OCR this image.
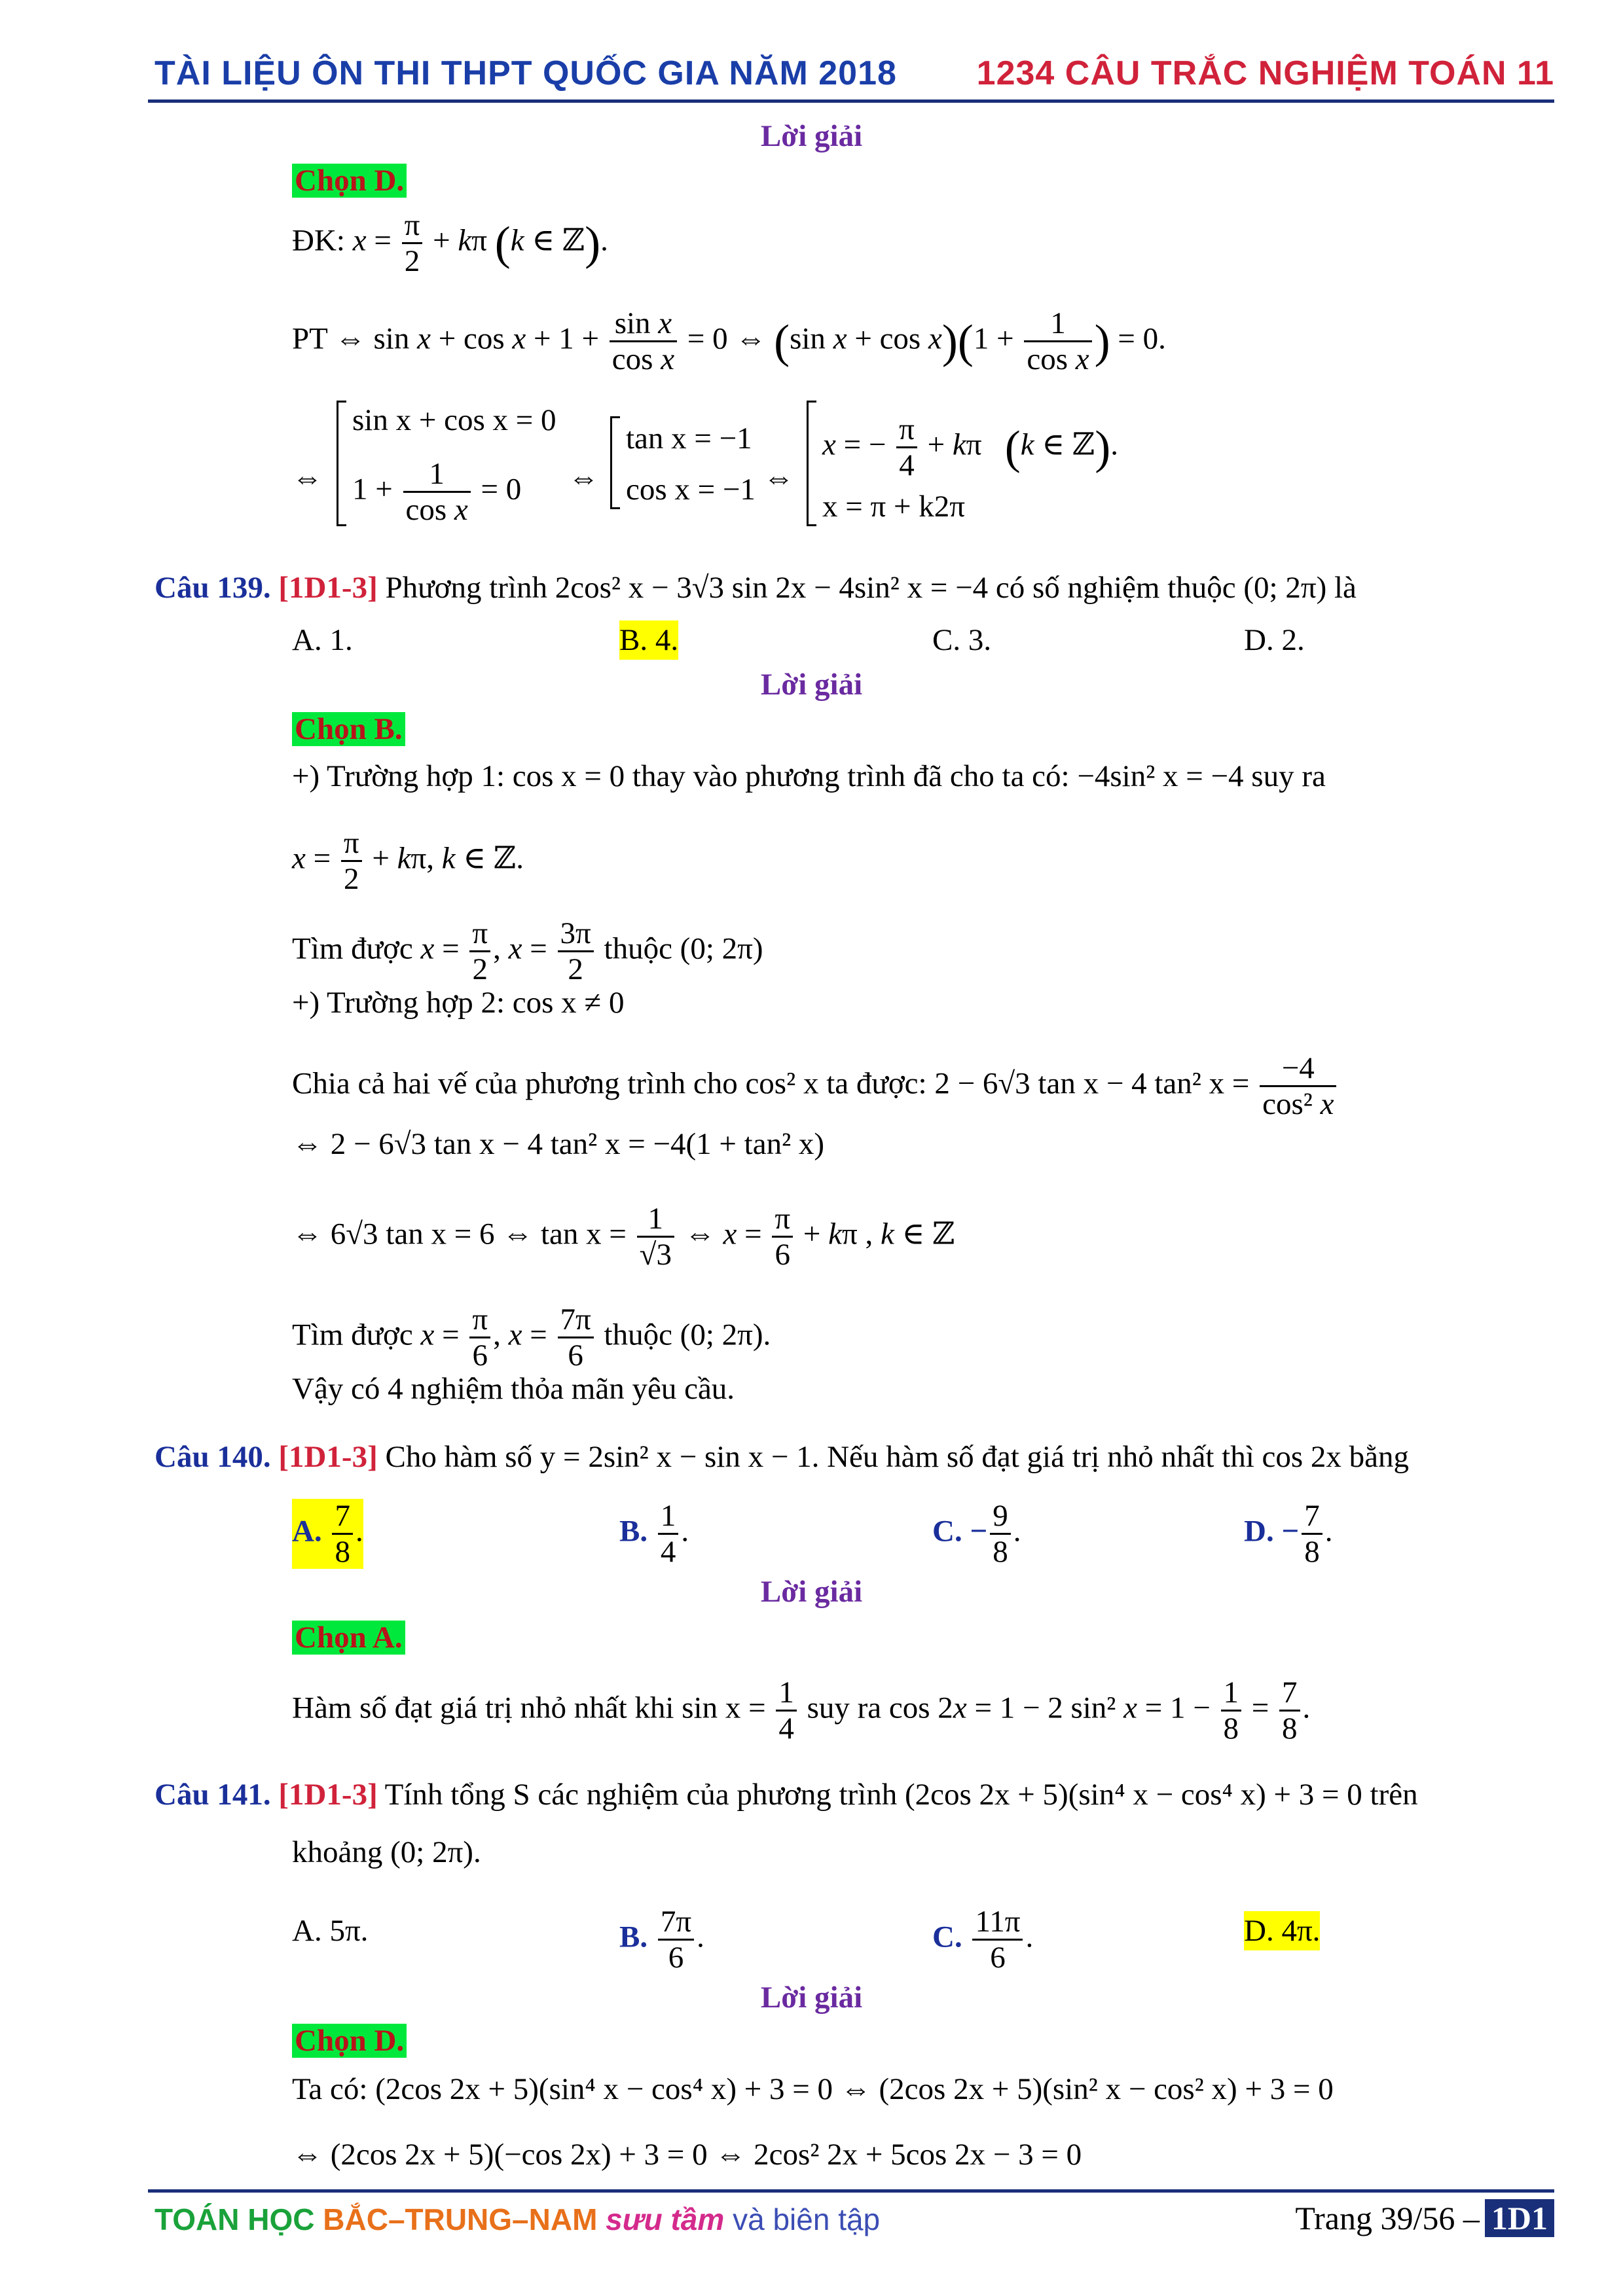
TÀI LIỆU ÔN THI THPT QUỐC GIA NĂM 2018 1234 CÂU TRẮC NGHIỆM TOÁN 11
Lời giải
Chọn D.
ĐK: $x = \frac{\pi}{2} + k\pi$ (k ∈ ℤ).
PT ⇔ $\sin x + \cos x + 1 + \frac{\text{sin x}}{\text{cos x}} = 0$ ⇔ (sin $x + \cos x)(1 + \frac{1}{\text{cos x}}$ ) = 0.
⇔
sin x + cos x = 0
$1 + \frac{1}{\text{cos x}} = 0$ ⇔
tan x = −1
cos x = −1 ⇔
x = − $\frac{\pi}{4} + k\pi$   (k ∈ ℤ).
x = π + k2π
Câu 139. [1D1-3] Phương trình 2cos² x − 3√3 sin 2x − 4sin² x = −4 có số nghiệm thuộc (0; 2π) là
A. 1.	B. 4.	C. 3.	D. 2.
Lời giải
Chọn B.
+) Trường hợp 1: cos x = 0 thay vào phương trình đã cho ta có: −4sin² x = −4 suy ra
$x = \frac{\pi}{2} + k\pi$, k ∈ ℤ.
Tìm được $x = \frac{\pi}{2}$ , $x = \frac{3\pi}{2}$ thuộc (0; 2π)
+) Trường hợp 2: cos x ≠ 0
Chia cả hai vế của phương trình cho cos² x ta được: 2 − 6√3 tan x − 4 tan² $x = \frac{-4}{\text{cos² x}}$
⇔ 2 − 6√3 tan x − 4 tan² x = −4(1 + tan² x)
⇔ 6√3 tan x = 6 ⇔ $\tan x = \frac{1}{√3}$ ⇔ $x = \frac{\pi}{6} + k\pi$ , k ∈ ℤ
Tìm được $x = \frac{\pi}{6}$ , $x = \frac{7\pi}{6}$ thuộc (0; 2π).
Vậy có 4 nghiệm thỏa mãn yêu cầu.
Câu 140. [1D1-3] Cho hàm số y = 2sin² x − sin x − 1. Nếu hàm số đạt giá trị nhỏ nhất thì cos 2x bằng
A. $\frac{7}{8}$ .	B. $\frac{1}{4}$ .	C. − $\frac{9}{8}$ .	D. − $\frac{7}{8}$ .
Lời giải
Chọn A.
Hàm số đạt giá trị nhỏ nhất khi $\sin x = \frac{1}{4}$ suy ra cos 2x = 1 − 2 sin² $x = 1 - \frac{1}{8} = \frac{7}{8}$ .
Câu 141. [1D1-3] Tính tổng S các nghiệm của phương trình (2cos 2x + 5)(sin⁴ x − cos⁴ x) + 3 = 0 trên
khoảng (0; 2π).
A. 5π.	B. $\frac{7\pi}{6}$ .	C. $\frac{11\pi}{6}$ .	D. 4π.
Lời giải
Chọn D.
Ta có: (2cos 2x + 5)(sin⁴ x − cos⁴ x) + 3 = 0 ⇔ (2cos 2x + 5)(sin² x − cos² x) + 3 = 0
⇔ (2cos 2x + 5)(−cos 2x) + 3 = 0 ⇔ 2cos² 2x + 5cos 2x − 3 = 0
TOÁN HỌC BẮC–TRUNG–NAM sưu tầm và biên tập	Trang 39/56 – 1D1
